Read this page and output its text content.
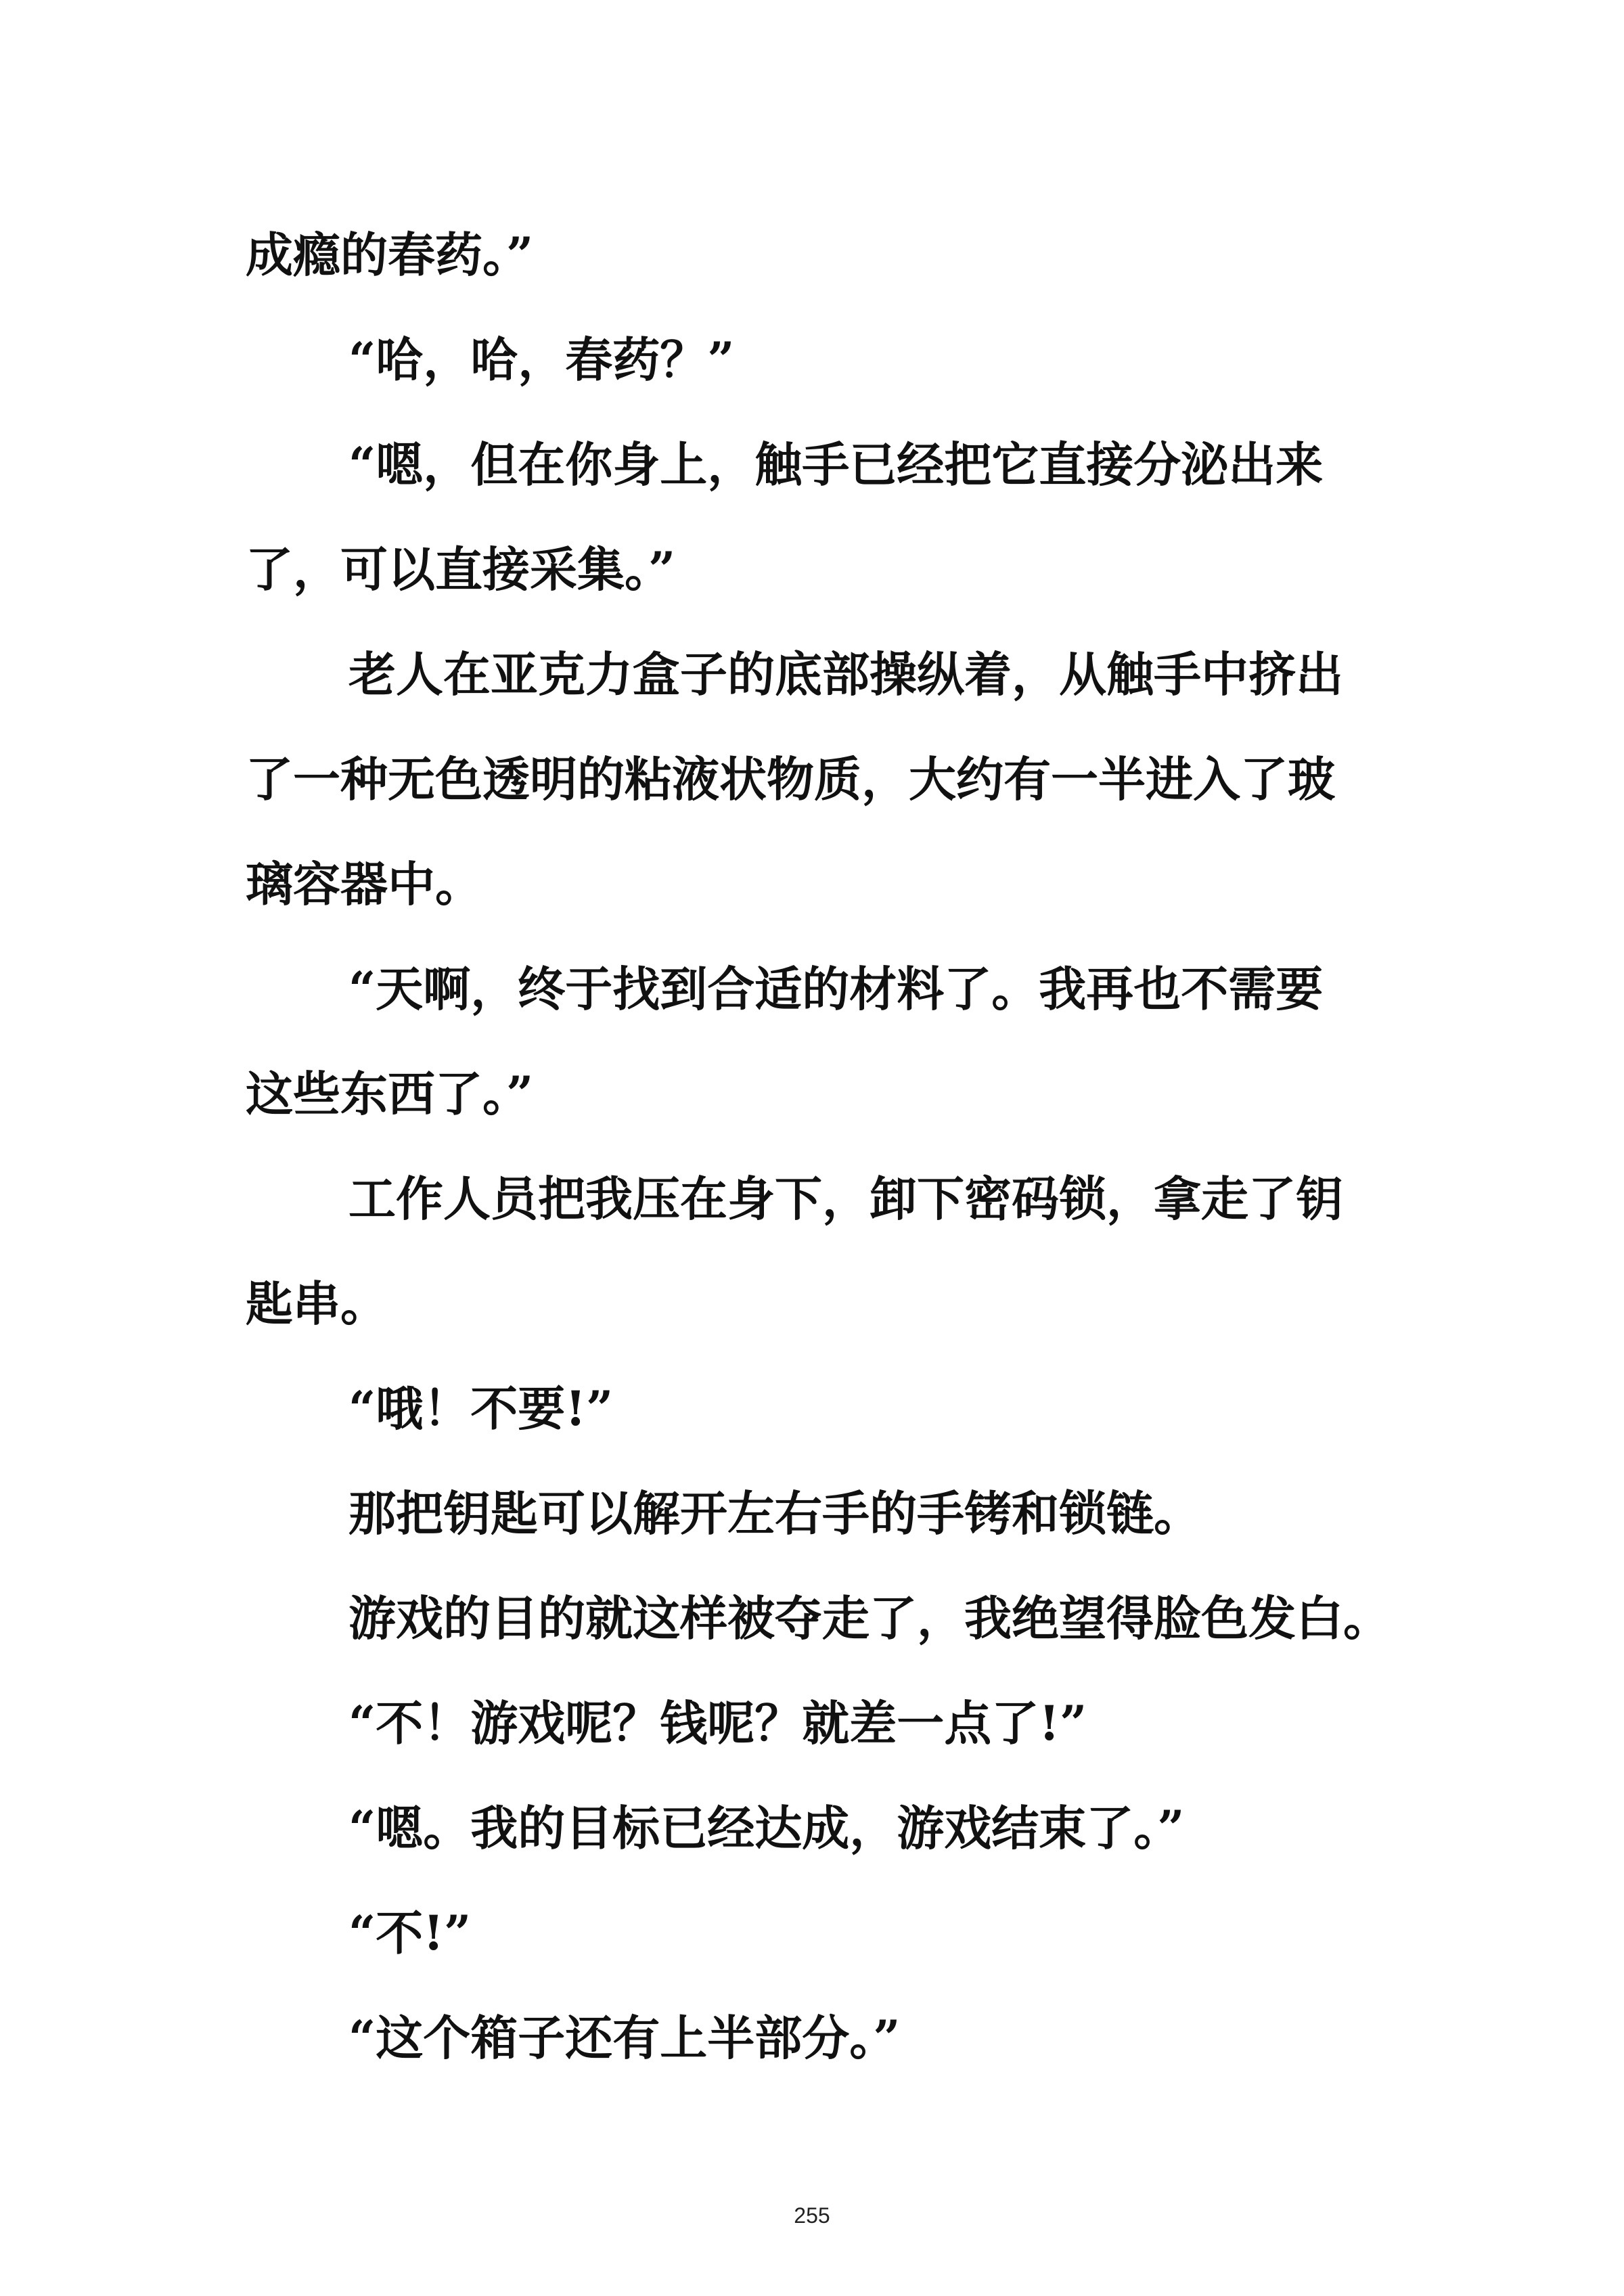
成瘾的春药。”
“哈，哈，春药？”
“嗯，但在你身上，触手已经把它直接分泌出来
了，可以直接采集。”
老人在亚克力盒子的底部操纵着，从触手中挤出
了一种无色透明的粘液状物质，大约有一半进入了玻
璃容器中。
“天啊，终于找到合适的材料了。我再也不需要
这些东西了。”
工作人员把我压在身下，卸下密码锁，拿走了钥
匙串。
“哦！不要!”
那把钥匙可以解开左右手的手铐和锁链。
游戏的目的就这样被夺走了，我绝望得脸色发白。
“不！游戏呢？钱呢？就差一点了!”
“嗯。我的目标已经达成，游戏结束了。”
“不!”
“这个箱子还有上半部分。”
255
